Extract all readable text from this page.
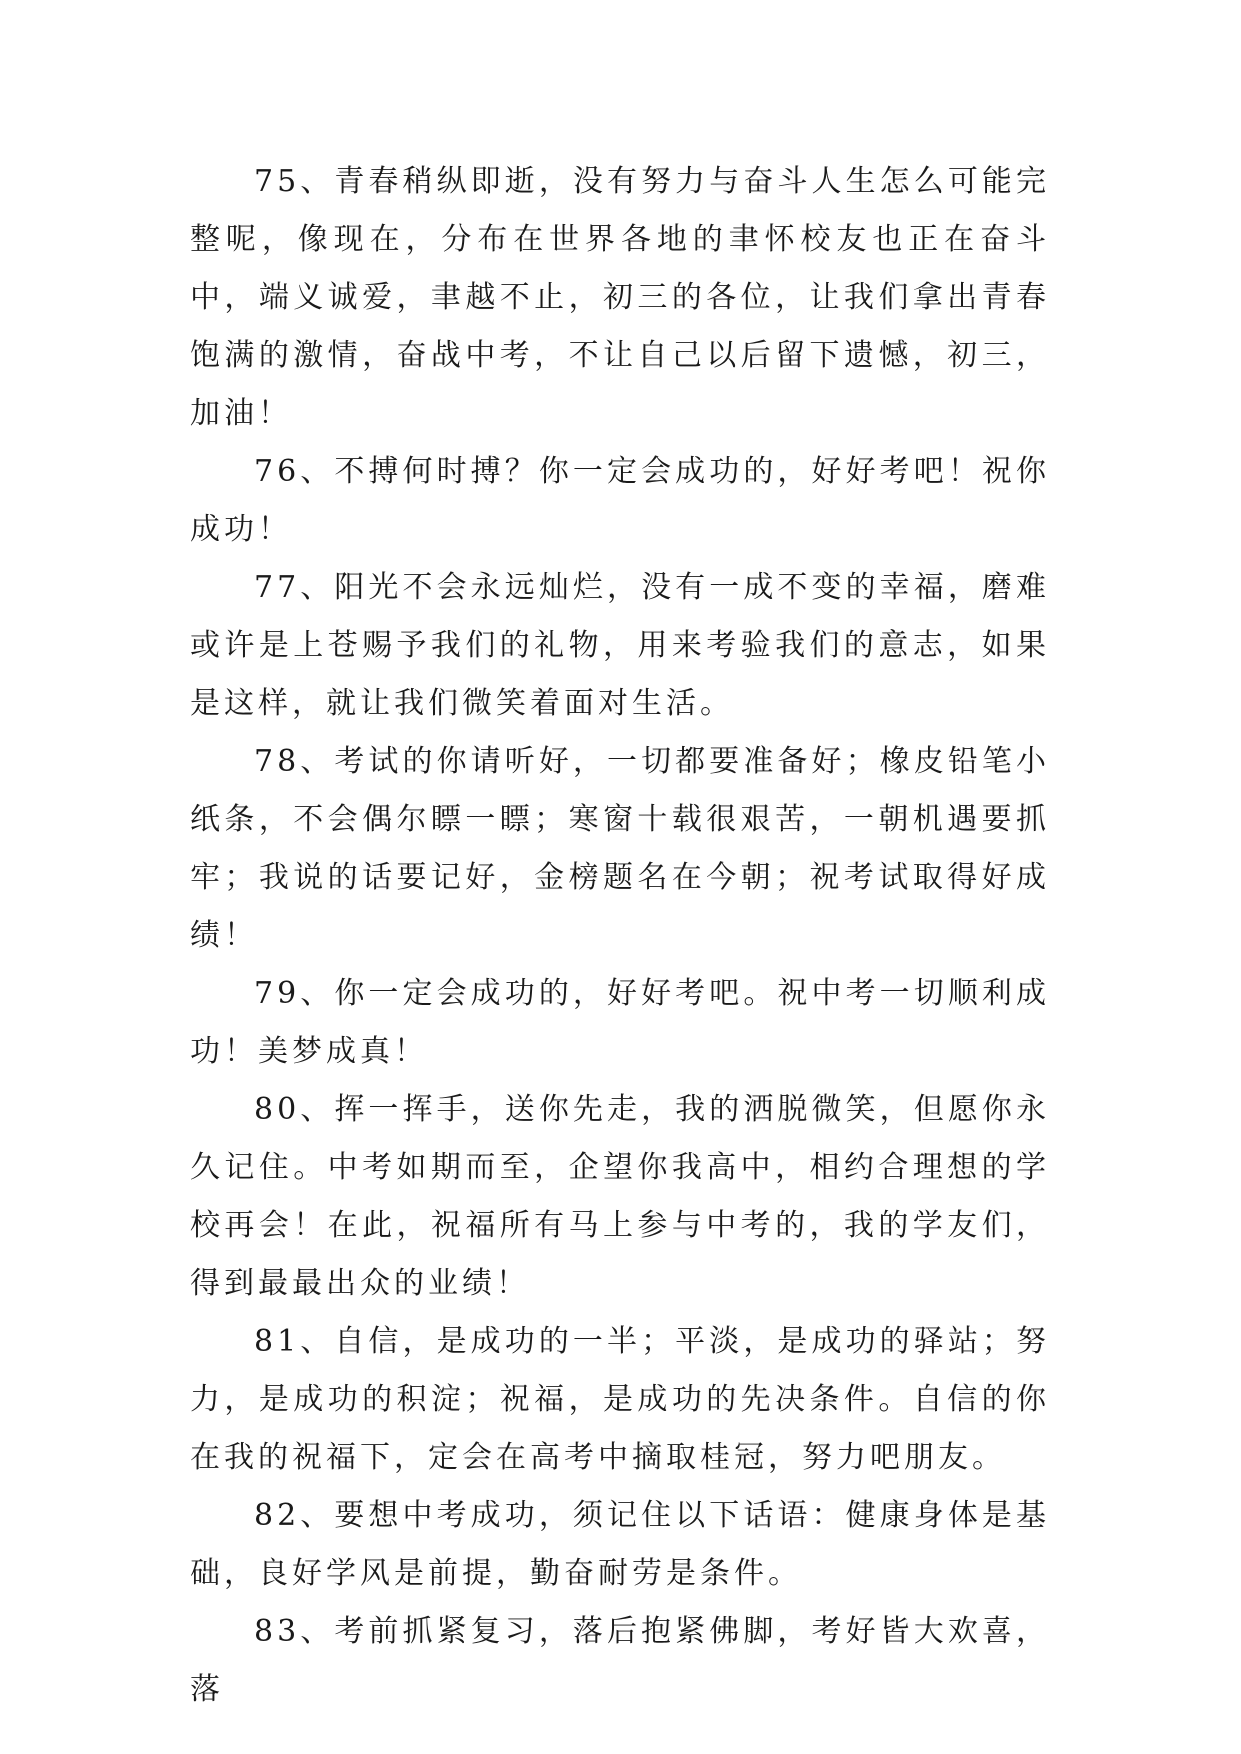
75、青春稍纵即逝，没有努力与奋斗人生怎么可能完整呢，像现在，分布在世界各地的聿怀校友也正在奋斗中，端义诚爱，聿越不止，初三的各位，让我们拿出青春饱满的激情，奋战中考，不让自己以后留下遗憾，初三，加油！

76、不搏何时搏？你一定会成功的，好好考吧！祝你成功！

77、阳光不会永远灿烂，没有一成不变的幸福，磨难或许是上苍赐予我们的礼物，用来考验我们的意志，如果是这样，就让我们微笑着面对生活。

78、考试的你请听好，一切都要准备好；橡皮铅笔小纸条，不会偶尔瞟一瞟；寒窗十载很艰苦，一朝机遇要抓牢；我说的话要记好，金榜题名在今朝；祝考试取得好成绩！

79、你一定会成功的，好好考吧。祝中考一切顺利成功！美梦成真！

80、挥一挥手，送你先走，我的洒脱微笑，但愿你永久记住。中考如期而至，企望你我高中，相约合理想的学校再会！在此，祝福所有马上参与中考的，我的学友们，得到最最出众的业绩！

81、自信，是成功的一半；平淡，是成功的驿站；努力，是成功的积淀；祝福，是成功的先决条件。自信的你在我的祝福下，定会在高考中摘取桂冠，努力吧朋友。

82、要想中考成功，须记住以下话语：健康身体是基础，良好学风是前提，勤奋耐劳是条件。

83、考前抓紧复习，落后抱紧佛脚，考好皆大欢喜，落
